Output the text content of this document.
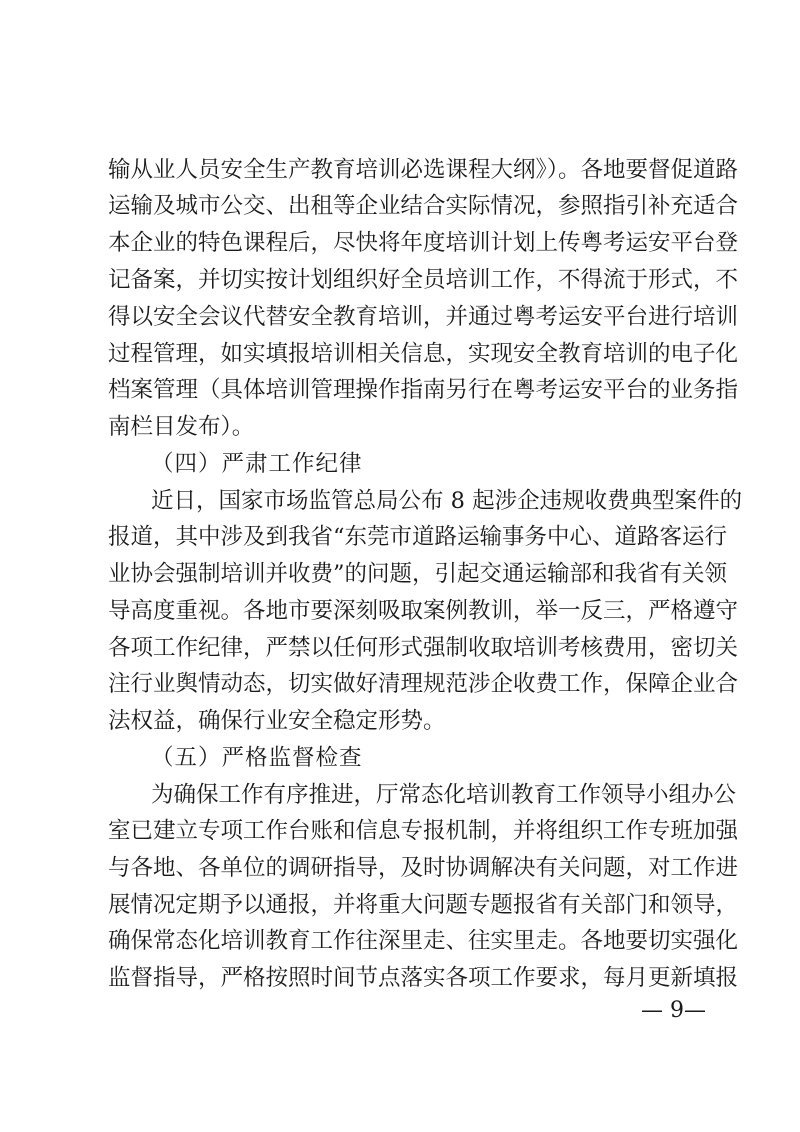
输从业人员安全生产教育培训必选课程大纲》）。各地要督促道路
运输及城市公交、出租等企业结合实际情况，参照指引补充适合
本企业的特色课程后，尽快将年度培训计划上传粤考运安平台登
记备案，并切实按计划组织好全员培训工作，不得流于形式，不
得以安全会议代替安全教育培训，并通过粤考运安平台进行培训
过程管理，如实填报培训相关信息，实现安全教育培训的电子化
档案管理（具体培训管理操作指南另行在粤考运安平台的业务指
南栏目发布）。
（四）严肃工作纪律
近日，国家市场监管总局公布 8 起涉企违规收费典型案件的
报道，其中涉及到我省“东莞市道路运输事务中心、道路客运行
业协会强制培训并收费”的问题，引起交通运输部和我省有关领
导高度重视。各地市要深刻吸取案例教训，举一反三，严格遵守
各项工作纪律，严禁以任何形式强制收取培训考核费用，密切关
注行业舆情动态，切实做好清理规范涉企收费工作，保障企业合
法权益，确保行业安全稳定形势。
（五）严格监督检查
为确保工作有序推进，厅常态化培训教育工作领导小组办公
室已建立专项工作台账和信息专报机制，并将组织工作专班加强
与各地、各单位的调研指导，及时协调解决有关问题，对工作进
展情况定期予以通报，并将重大问题专题报省有关部门和领导，
确保常态化培训教育工作往深里走、往实里走。各地要切实强化
监督指导，严格按照时间节点落实各项工作要求，每月更新填报
— 9—
